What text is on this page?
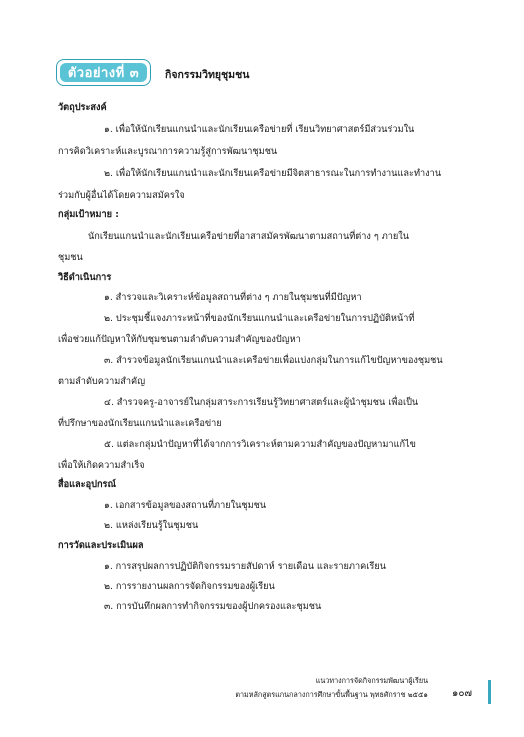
ตัวอย่างที่ ๓	กิจกรรมวิทยุชุมชน
วัตถุประสงค์
๑. เพื่อให้นักเรียนแกนนำและนักเรียนเครือข่ายที่ เรียนวิทยาศาสตร์มีส่วนร่วมใน
การคิดวิเคราะห์และบูรณาการความรู้สู่การพัฒนาชุมชน
๒. เพื่อให้นักเรียนแกนนำและนักเรียนเครือข่ายมีจิตสาธารณะในการทำงานและทำงาน
ร่วมกับผู้อื่นได้โดยความสมัครใจ
กลุ่มเป้าหมาย :
นักเรียนแกนนำและนักเรียนเครือข่ายที่อาสาสมัครพัฒนาตามสถานที่ต่าง ๆ ภายใน
ชุมชน
วิธีดำเนินการ
๑. สำรวจและวิเคราะห์ข้อมูลสถานที่ต่าง ๆ ภายในชุมชนที่มีปัญหา
๒. ประชุมชี้แจงภาระหน้าที่ของนักเรียนแกนนำและเครือข่ายในการปฏิบัติหน้าที่
เพื่อช่วยแก้ปัญหาให้กับชุมชนตามลำดับความสำคัญของปัญหา
๓. สำรวจข้อมูลนักเรียนแกนนำและเครือข่ายเพื่อแบ่งกลุ่มในการแก้ไขปัญหาของชุมชน
ตามลำดับความสำคัญ
๔. สำรวจครู-อาจารย์ในกลุ่มสาระการเรียนรู้วิทยาศาสตร์และผู้นำชุมชน เพื่อเป็น
ที่ปรึกษาของนักเรียนแกนนำและเครือข่าย
๕. แต่ละกลุ่มนำปัญหาที่ได้จากการวิเคราะห์ตามความสำคัญของปัญหามาแก้ไข
เพื่อให้เกิดความสำเร็จ
สื่อและอุปกรณ์
๑. เอกสารข้อมูลของสถานที่ภายในชุมชน
๒. แหล่งเรียนรู้ในชุมชน
การวัดและประเมินผล
๑. การสรุปผลการปฏิบัติกิจกรรมรายสัปดาห์ รายเดือน และรายภาคเรียน
๒. การรายงานผลการจัดกิจกรรมของผู้เรียน
๓. การบันทึกผลการทำกิจกรรมของผู้ปกครองและชุมชน
แนวทางการจัดกิจกรรมพัฒนาผู้เรียน
ตามหลักสูตรแกนกลางการศึกษาขั้นพื้นฐาน พุทธศักราช ๒๕๕๑ ๑๐๗
